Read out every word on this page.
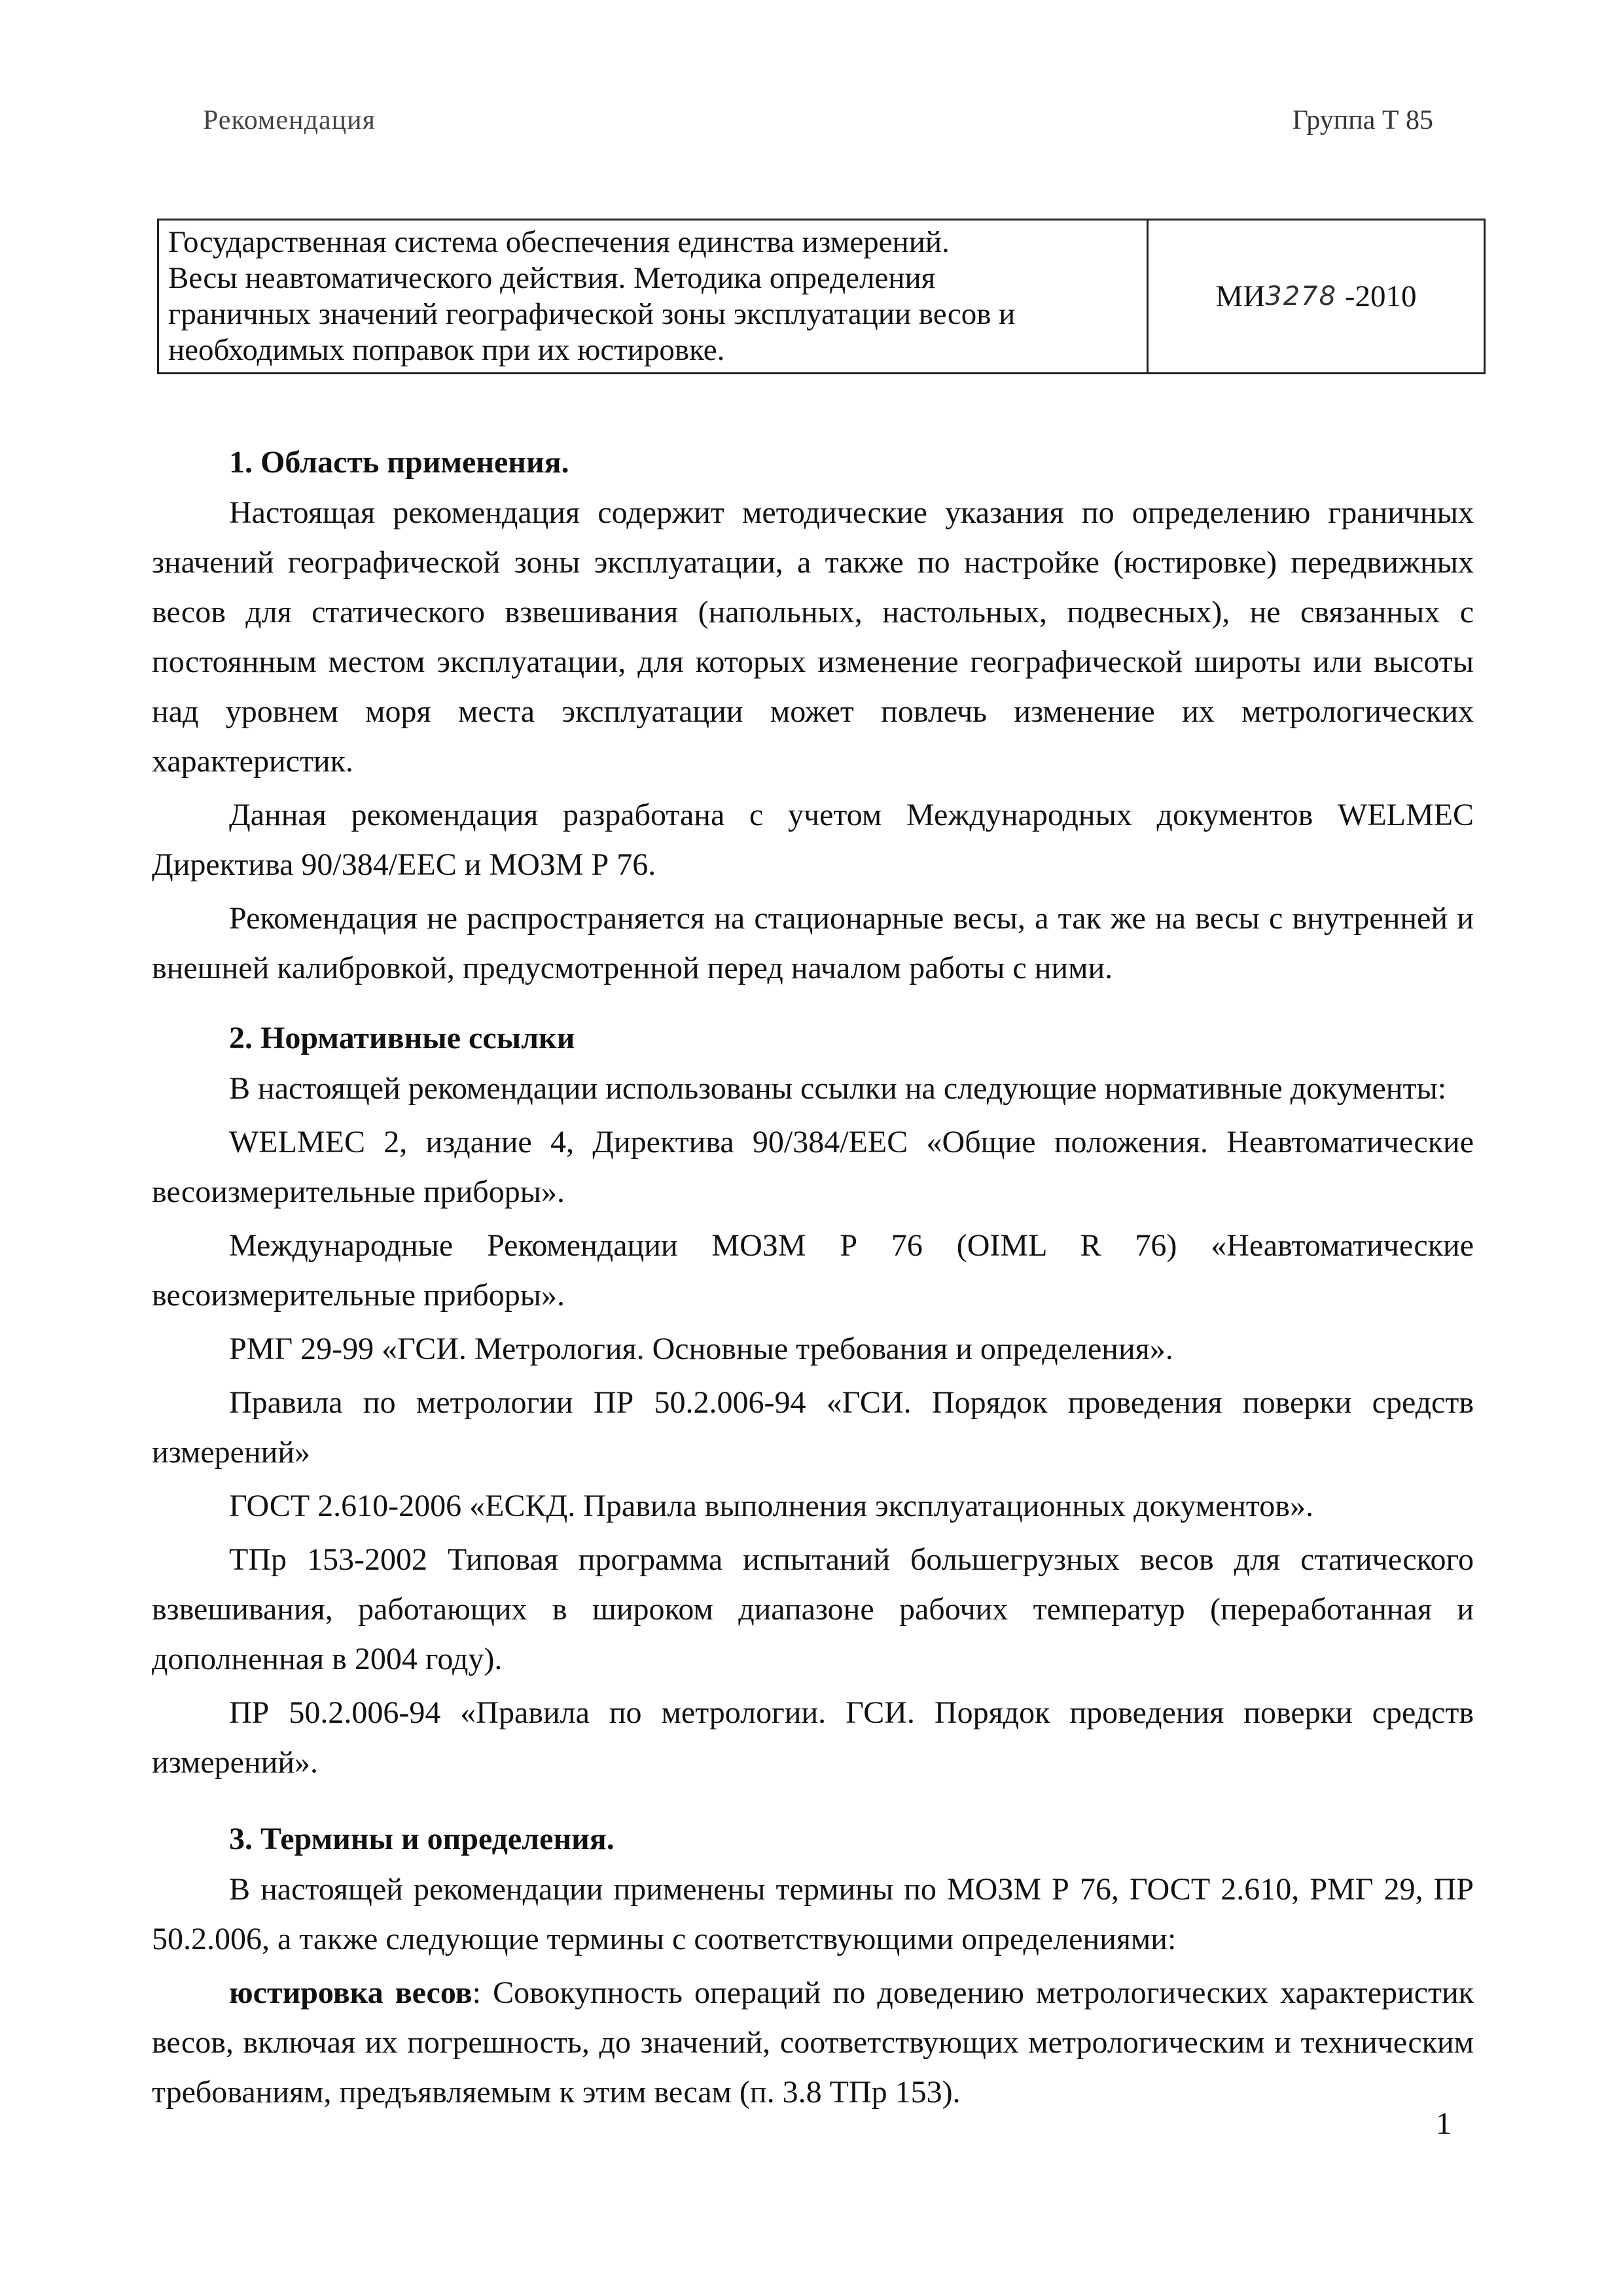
Рекомендация	Группа Т 85
Государственная система обеспечения единства измерений.
Весы неавтоматического действия. Методика определения
граничных значений географической зоны эксплуатации весов и
необходимых поправок при их юстировке.
МИ 3278
-2010
1. Область применения.

Настоящая рекомендация содержит методические указания по определению граничных значений географической зоны эксплуатации, а также по настройке (юстировке) передвижных весов для статического взвешивания (напольных, настольных, подвесных), не связанных с постоянным местом эксплуатации, для которых изменение географической широты или высоты над уровнем моря места эксплуатации может повлечь изменение их метрологических характеристик.

Данная рекомендация разработана с учетом Международных документов WELMEC Директива 90/384/EEC и МОЗМ Р 76.

Рекомендация не распространяется на стационарные весы, а так же на весы с внутренней и внешней калибровкой, предусмотренной перед началом работы с ними.

2. Нормативные ссылки

В настоящей рекомендации использованы ссылки на следующие нормативные документы:

WELMEC 2, издание 4, Директива 90/384/EEC «Общие положения. Неавтоматические весоизмерительные приборы».

Международные Рекомендации МОЗМ Р 76 (OIML R 76) «Неавтоматические весоизмерительные приборы».

РМГ 29-99 «ГСИ. Метрология. Основные требования и определения».

Правила по метрологии ПР 50.2.006-94 «ГСИ. Порядок проведения поверки средств измерений»

ГОСТ 2.610-2006 «ЕСКД. Правила выполнения эксплуатационных документов».

ТПр 153-2002 Типовая программа испытаний большегрузных весов для статического взвешивания, работающих в широком диапазоне рабочих температур (переработанная и дополненная в 2004 году).

ПР 50.2.006-94 «Правила по метрологии. ГСИ. Порядок проведения поверки средств измерений».

3. Термины и определения.

В настоящей рекомендации применены термины по МОЗМ Р 76, ГОСТ 2.610, РМГ 29, ПР 50.2.006, а также следующие термины с соответствующими определениями:

юстировка весов: Совокупность операций по доведению метрологических характеристик весов, включая их погрешность, до значений, соответствующих метрологическим и техническим требованиям, предъявляемым к этим весам (п. 3.8 ТПр 153).

1
